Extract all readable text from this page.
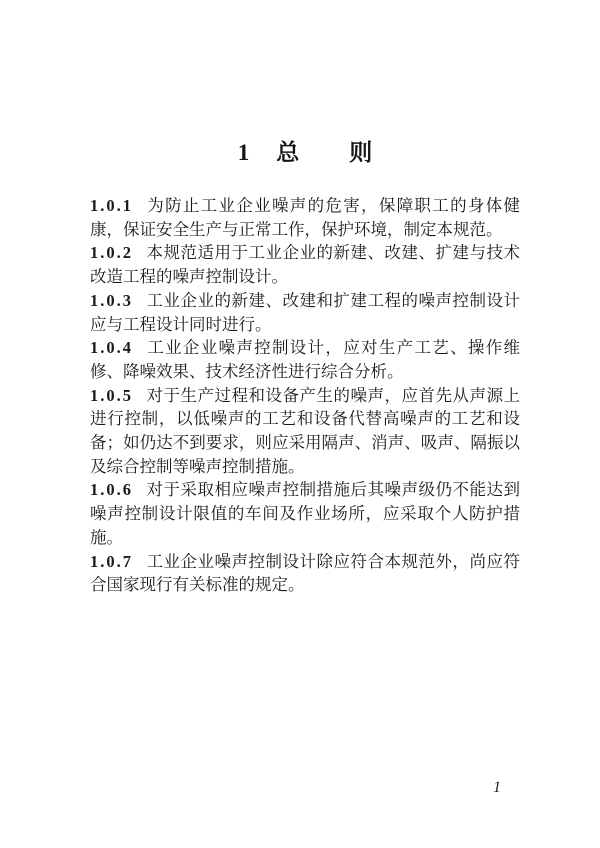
1 总 则

1.0.1 为防止工业企业噪声的危害，保障职工的身体健康，保证安全生产与正常工作，保护环境，制定本规范。

1.0.2 本规范适用于工业企业的新建、改建、扩建与技术改造工程的噪声控制设计。

1.0.3 工业企业的新建、改建和扩建工程的噪声控制设计应与工程设计同时进行。

1.0.4 工业企业噪声控制设计，应对生产工艺、操作维修、降噪效果、技术经济性进行综合分析。

1.0.5 对于生产过程和设备产生的噪声，应首先从声源上进行控制，以低噪声的工艺和设备代替高噪声的工艺和设备；如仍达不到要求，则应采用隔声、消声、吸声、隔振以及综合控制等噪声控制措施。

1.0.6 对于采取相应噪声控制措施后其噪声级仍不能达到噪声控制设计限值的车间及作业场所，应采取个人防护措施。

1.0.7 工业企业噪声控制设计除应符合本规范外，尚应符合国家现行有关标准的规定。

1
